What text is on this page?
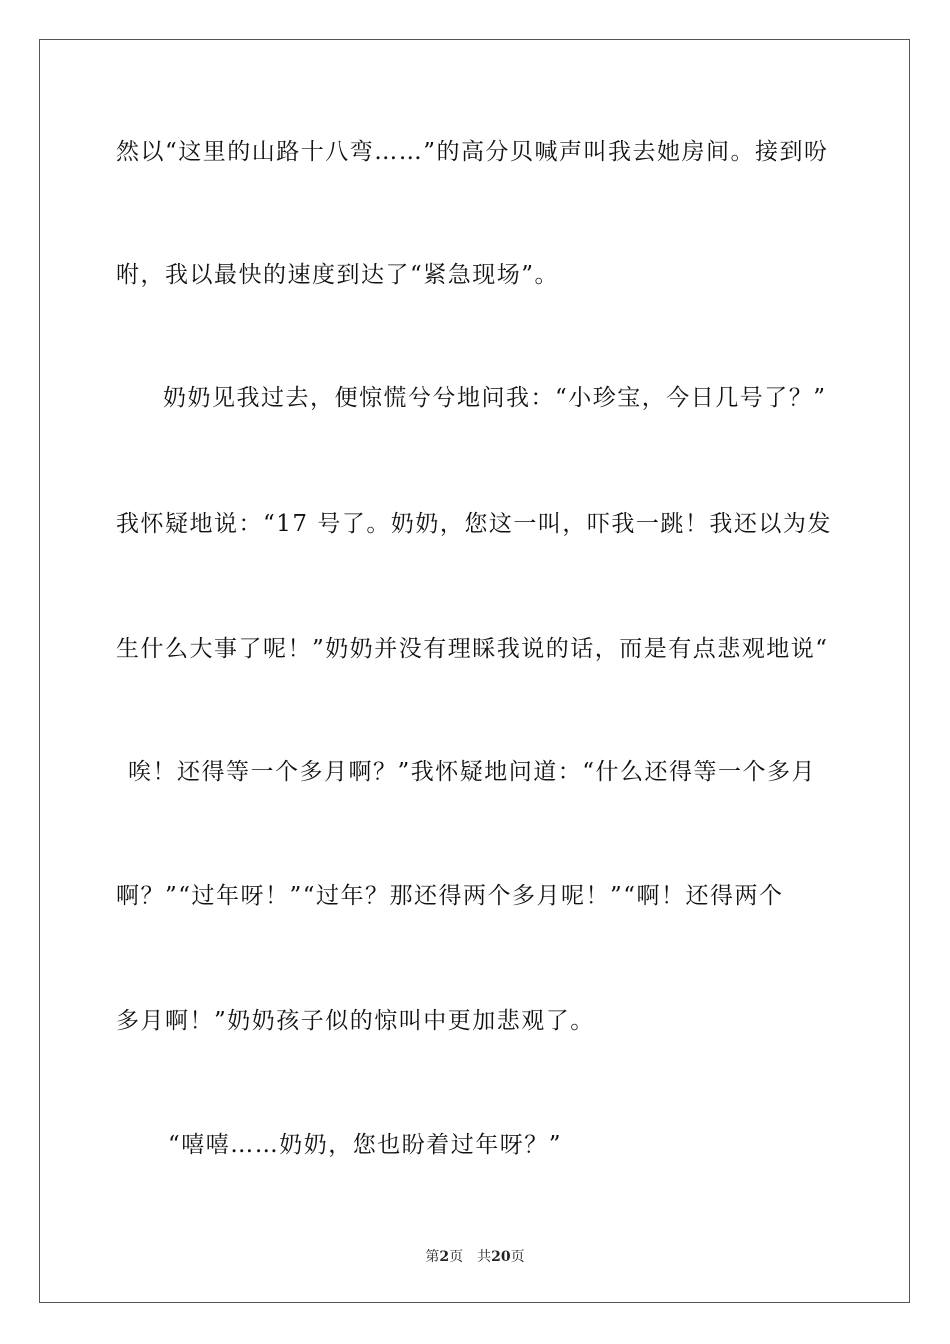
然以“这里的山路十八弯……”的高分贝喊声叫我去她房间。接到吩
咐，我以最快的速度到达了“紧急现场”。
奶奶见我过去，便惊慌兮兮地问我：“小珍宝，今日几号了？”
我怀疑地说：“17 号了。奶奶，您这一叫，吓我一跳！我还以为发
生什么大事了呢！”奶奶并没有理睬我说的话，而是有点悲观地说“
唉！还得等一个多月啊？”我怀疑地问道：“什么还得等一个多月
啊？”“过年呀！”“过年？那还得两个多月呢！”“啊！还得两个
多月啊！”奶奶孩子似的惊叫中更加悲观了。
“嘻嘻……奶奶，您也盼着过年呀？”
第2页　共20页
